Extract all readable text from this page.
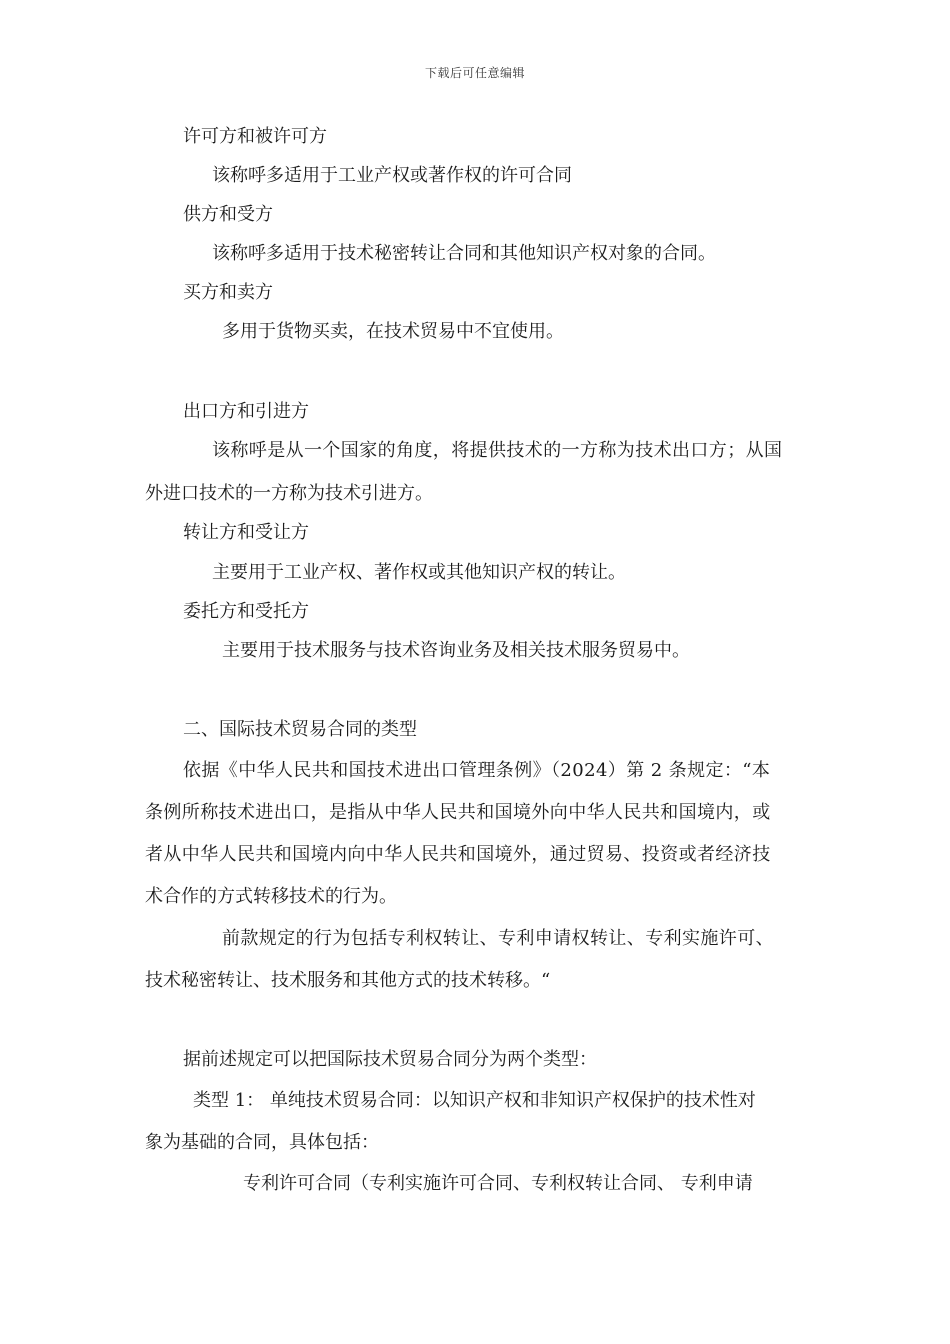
下载后可任意编辑
许可方和被许可方
该称呼多适用于工业产权或著作权的许可合同
供方和受方
该称呼多适用于技术秘密转让合同和其他知识产权对象的合同。
买方和卖方
多用于货物买卖，在技术贸易中不宜使用。
出口方和引进方
该称呼是从一个国家的角度，将提供技术的一方称为技术出口方；从国
外进口技术的一方称为技术引进方。
转让方和受让方
主要用于工业产权、著作权或其他知识产权的转让。
委托方和受托方
主要用于技术服务与技术咨询业务及相关技术服务贸易中。
二、国际技术贸易合同的类型
依据《中华人民共和国技术进出口管理条例》（2024）第 2 条规定：“本
条例所称技术进出口，是指从中华人民共和国境外向中华人民共和国境内，或
者从中华人民共和国境内向中华人民共和国境外，通过贸易、投资或者经济技
术合作的方式转移技术的行为。
前款规定的行为包括专利权转让、专利申请权转让、专利实施许可、
技术秘密转让、技术服务和其他方式的技术转移。“
据前述规定可以把国际技术贸易合同分为两个类型：
类型 1： 单纯技术贸易合同：以知识产权和非知识产权保护的技术性对
象为基础的合同，具体包括：
专利许可合同（专利实施许可合同、专利权转让合同、 专利申请
